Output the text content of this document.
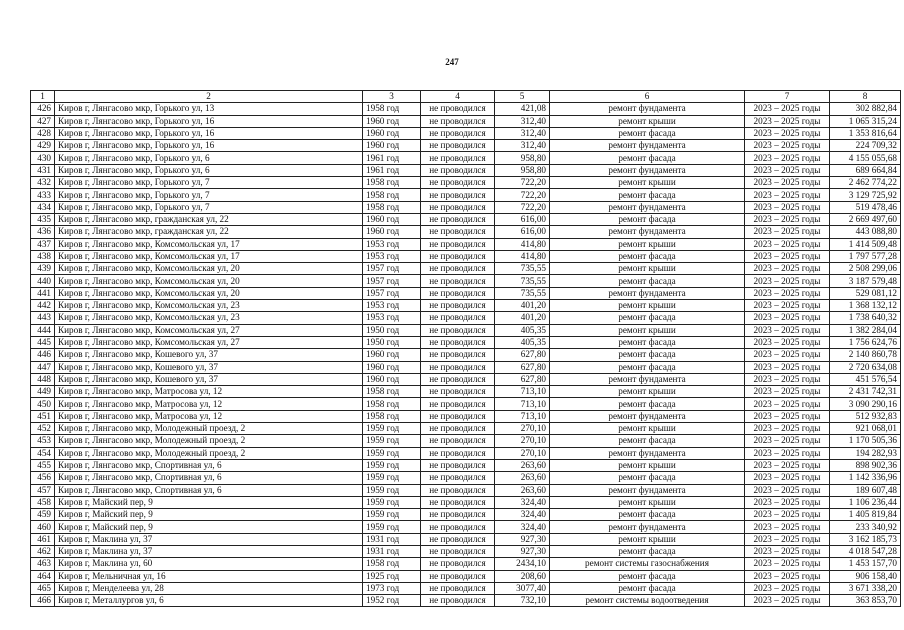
247
1	2	3	4	5	6	7	8
426	Киров г, Лянгасово мкр, Горького ул, 13	1958 год	не проводился	421,08	ремонт фундамента	2023 – 2025 годы	302 882,84
427	Киров г, Лянгасово мкр, Горького ул, 16	1960 год	не проводился	312,40	ремонт крыши	2023 – 2025 годы	1 065 315,24
428	Киров г, Лянгасово мкр, Горького ул, 16	1960 год	не проводился	312,40	ремонт фасада	2023 – 2025 годы	1 353 816,64
429	Киров г, Лянгасово мкр, Горького ул, 16	1960 год	не проводился	312,40	ремонт фундамента	2023 – 2025 годы	224 709,32
430	Киров г, Лянгасово мкр, Горького ул, 6	1961 год	не проводился	958,80	ремонт фасада	2023 – 2025 годы	4 155 055,68
431	Киров г, Лянгасово мкр, Горького ул, 6	1961 год	не проводился	958,80	ремонт фундамента	2023 – 2025 годы	689 664,84
432	Киров г, Лянгасово мкр, Горького ул, 7	1958 год	не проводился	722,20	ремонт крыши	2023 – 2025 годы	2 462 774,22
433	Киров г, Лянгасово мкр, Горького ул, 7	1958 год	не проводился	722,20	ремонт фасада	2023 – 2025 годы	3 129 725,92
434	Киров г, Лянгасово мкр, Горького ул, 7	1958 год	не проводился	722,20	ремонт фундамента	2023 – 2025 годы	519 478,46
435	Киров г, Лянгасово мкр, гражданская ул, 22	1960 год	не проводился	616,00	ремонт фасада	2023 – 2025 годы	2 669 497,60
436	Киров г, Лянгасово мкр, гражданская ул, 22	1960 год	не проводился	616,00	ремонт фундамента	2023 – 2025 годы	443 088,80
437	Киров г, Лянгасово мкр, Комсомольская ул, 17	1953 год	не проводился	414,80	ремонт крыши	2023 – 2025 годы	1 414 509,48
438	Киров г, Лянгасово мкр, Комсомольская ул, 17	1953 год	не проводился	414,80	ремонт фасада	2023 – 2025 годы	1 797 577,28
439	Киров г, Лянгасово мкр, Комсомольская ул, 20	1957 год	не проводился	735,55	ремонт крыши	2023 – 2025 годы	2 508 299,06
440	Киров г, Лянгасово мкр, Комсомольская ул, 20	1957 год	не проводился	735,55	ремонт фасада	2023 – 2025 годы	3 187 579,48
441	Киров г, Лянгасово мкр, Комсомольская ул, 20	1957 год	не проводился	735,55	ремонт фундамента	2023 – 2025 годы	529 081,12
442	Киров г, Лянгасово мкр, Комсомольская ул, 23	1953 год	не проводился	401,20	ремонт крыши	2023 – 2025 годы	1 368 132,12
443	Киров г, Лянгасово мкр, Комсомольская ул, 23	1953 год	не проводился	401,20	ремонт фасада	2023 – 2025 годы	1 738 640,32
444	Киров г, Лянгасово мкр, Комсомольская ул, 27	1950 год	не проводился	405,35	ремонт крыши	2023 – 2025 годы	1 382 284,04
445	Киров г, Лянгасово мкр, Комсомольская ул, 27	1950 год	не проводился	405,35	ремонт фасада	2023 – 2025 годы	1 756 624,76
446	Киров г, Лянгасово мкр, Кошевого ул, 37	1960 год	не проводился	627,80	ремонт фасада	2023 – 2025 годы	2 140 860,78
447	Киров г, Лянгасово мкр, Кошевого ул, 37	1960 год	не проводился	627,80	ремонт фасада	2023 – 2025 годы	2 720 634,08
448	Киров г, Лянгасово мкр, Кошевого ул, 37	1960 год	не проводился	627,80	ремонт фундамента	2023 – 2025 годы	451 576,54
449	Киров г, Лянгасово мкр, Матросова ул, 12	1958 год	не проводился	713,10	ремонт крыши	2023 – 2025 годы	2 431 742,31
450	Киров г, Лянгасово мкр, Матросова ул, 12	1958 год	не проводился	713,10	ремонт фасада	2023 – 2025 годы	3 090 290,16
451	Киров г, Лянгасово мкр, Матросова ул, 12	1958 год	не проводился	713,10	ремонт фундамента	2023 – 2025 годы	512 932,83
452	Киров г, Лянгасово мкр, Молодежный проезд, 2	1959 год	не проводился	270,10	ремонт крыши	2023 – 2025 годы	921 068,01
453	Киров г, Лянгасово мкр, Молодежный проезд, 2	1959 год	не проводился	270,10	ремонт фасада	2023 – 2025 годы	1 170 505,36
454	Киров г, Лянгасово мкр, Молодежный проезд, 2	1959 год	не проводился	270,10	ремонт фундамента	2023 – 2025 годы	194 282,93
455	Киров г, Лянгасово мкр, Спортивная ул, 6	1959 год	не проводился	263,60	ремонт крыши	2023 – 2025 годы	898 902,36
456	Киров г, Лянгасово мкр, Спортивная ул, 6	1959 год	не проводился	263,60	ремонт фасада	2023 – 2025 годы	1 142 336,96
457	Киров г, Лянгасово мкр, Спортивная ул, 6	1959 год	не проводился	263,60	ремонт фундамента	2023 – 2025 годы	189 607,48
458	Киров г, Майский пер, 9	1959 год	не проводился	324,40	ремонт крыши	2023 – 2025 годы	1 106 236,44
459	Киров г, Майский пер, 9	1959 год	не проводился	324,40	ремонт фасада	2023 – 2025 годы	1 405 819,84
460	Киров г, Майский пер, 9	1959 год	не проводился	324,40	ремонт фундамента	2023 – 2025 годы	233 340,92
461	Киров г, Маклина ул, 37	1931 год	не проводился	927,30	ремонт крыши	2023 – 2025 годы	3 162 185,73
462	Киров г, Маклина ул, 37	1931 год	не проводился	927,30	ремонт фасада	2023 – 2025 годы	4 018 547,28
463	Киров г, Маклина ул, 60	1958 год	не проводился	2434,10	ремонт системы газоснабжения	2023 – 2025 годы	1 453 157,70
464	Киров г, Мельничная ул, 16	1925 год	не проводился	208,60	ремонт фасада	2023 – 2025 годы	906 158,40
465	Киров г, Менделеева ул, 28	1973 год	не проводился	3077,40	ремонт фасада	2023 – 2025 годы	3 671 338,20
466	Киров г, Металлургов ул, 6	1952 год	не проводился	732,10	ремонт системы водоотведения	2023 – 2025 годы	363 853,70
